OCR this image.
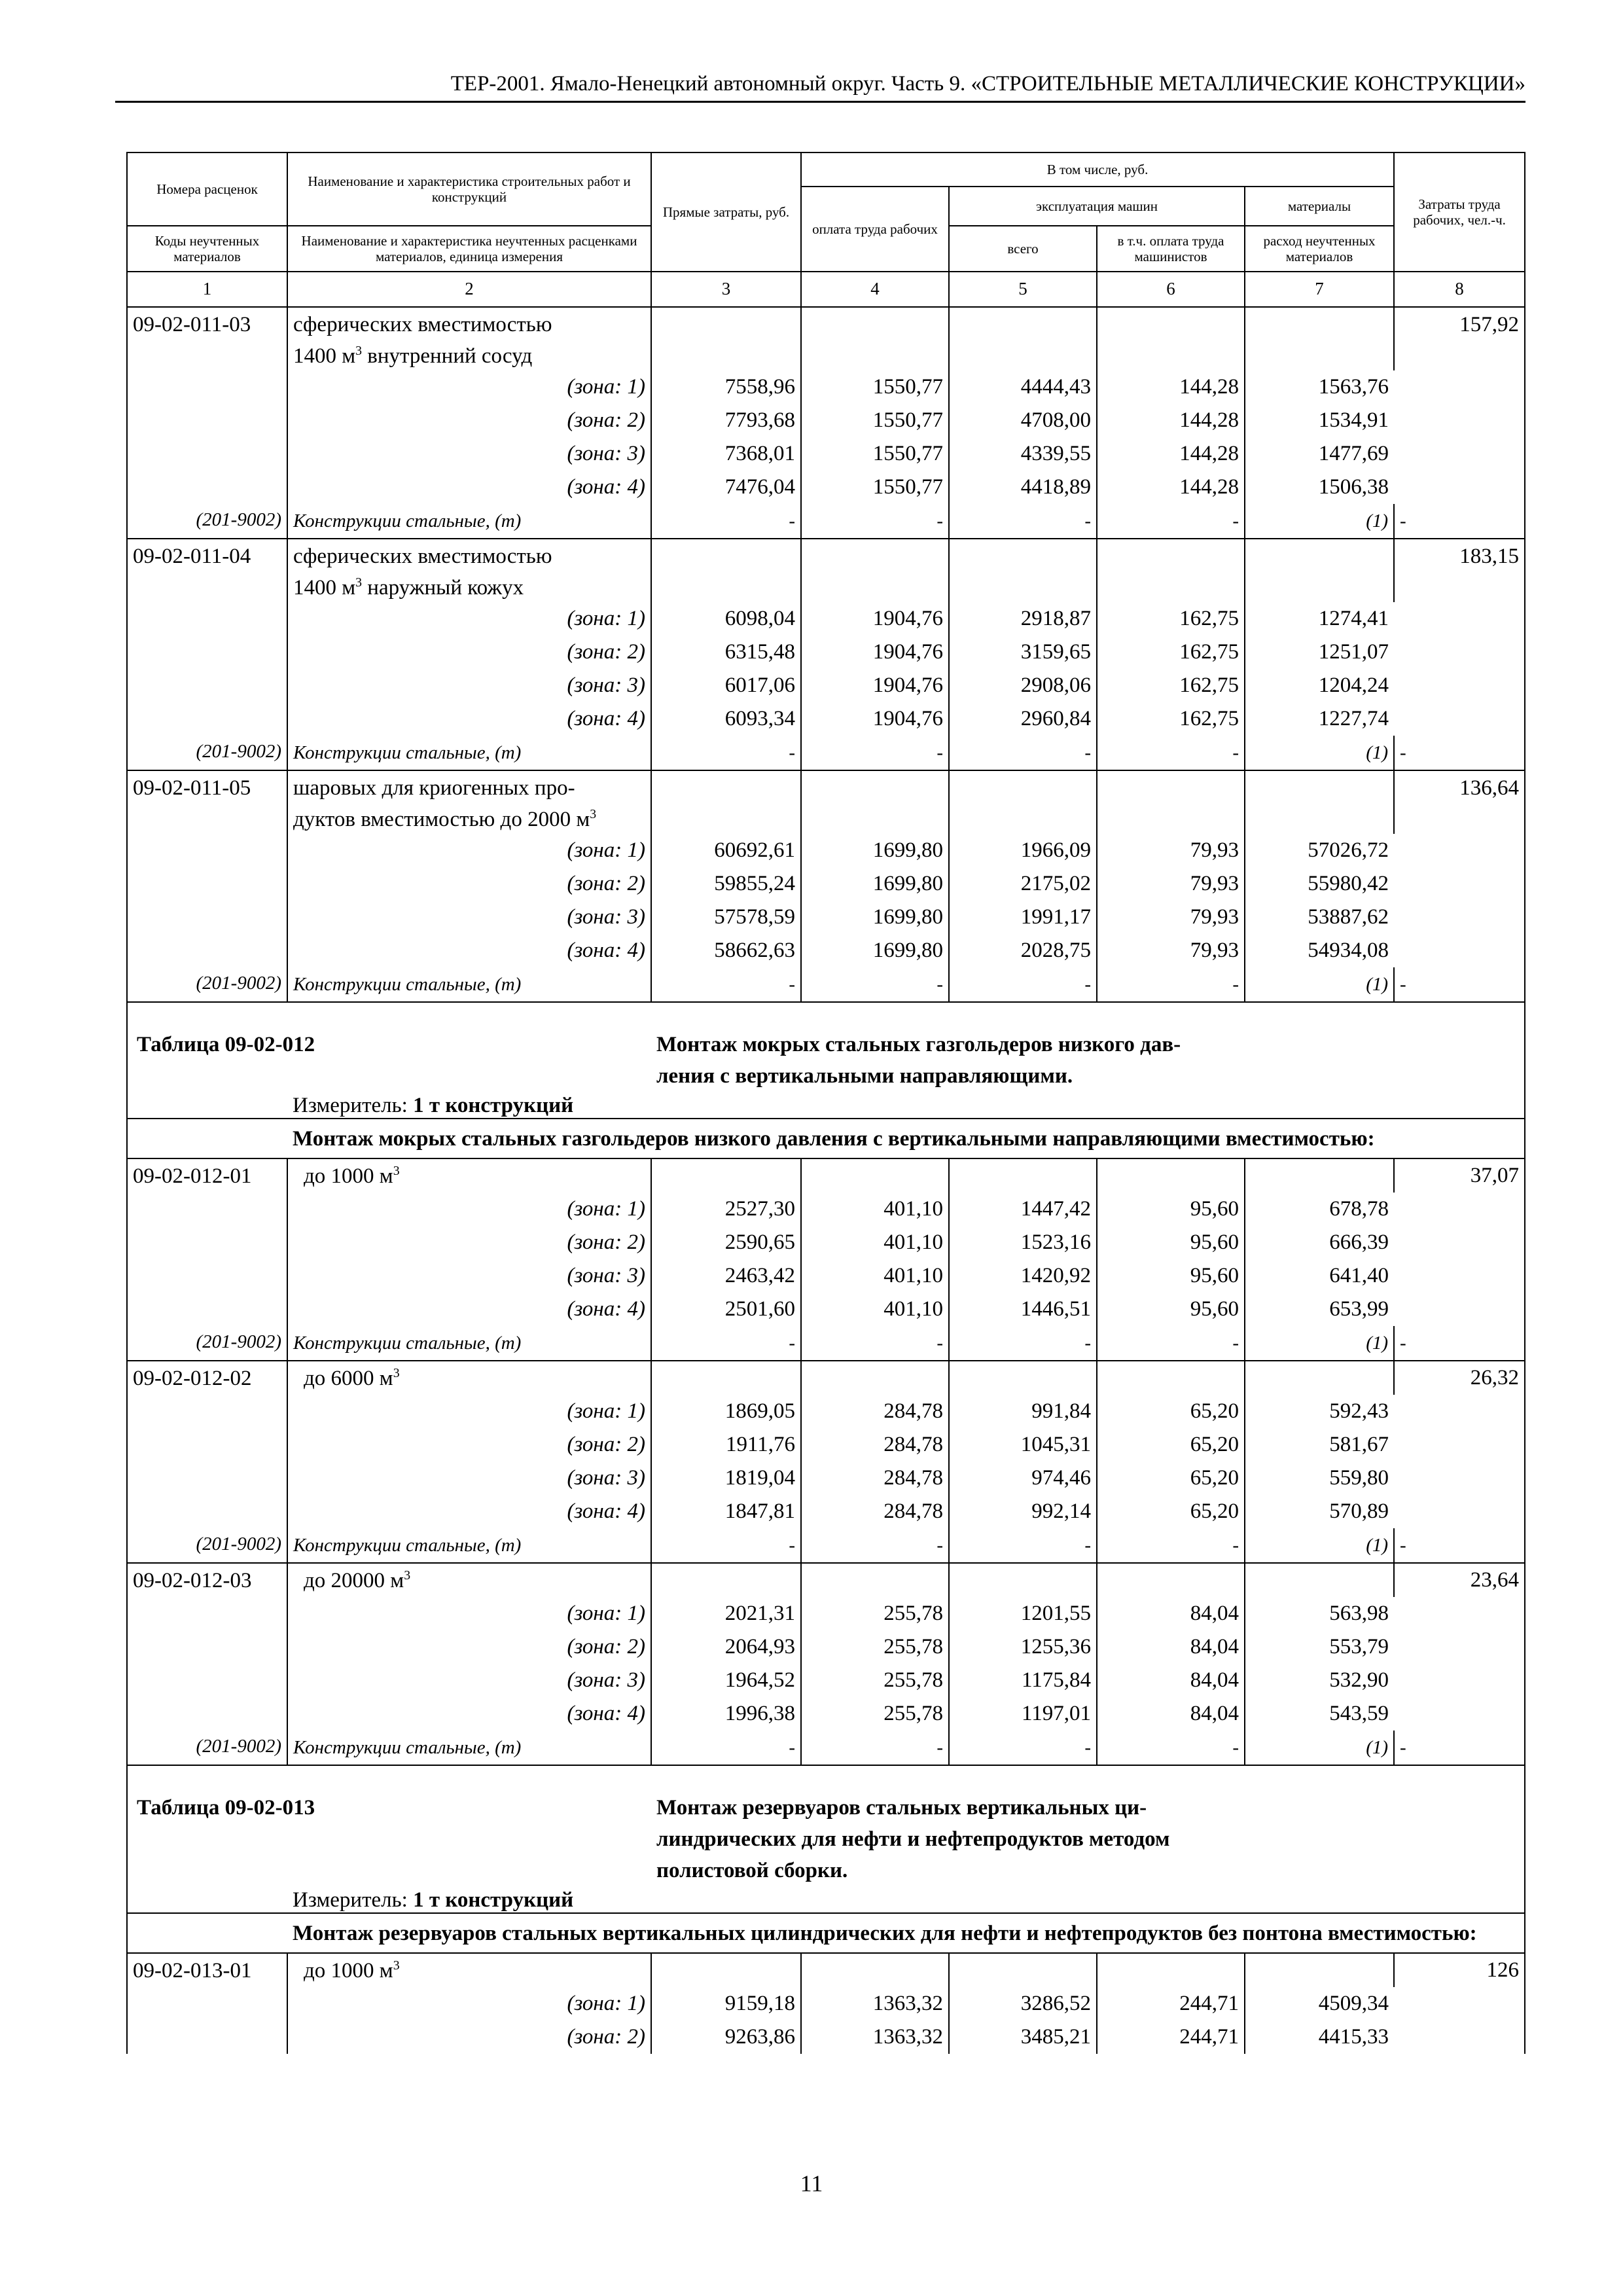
ТЕР-2001. Ямало-Ненецкий автономный округ. Часть 9. «СТРОИТЕЛЬНЫЕ МЕТАЛЛИЧЕСКИЕ КОНСТРУКЦИИ»
Номера расценок	Наименование и характеристика строительных работ и конструкций	Прямые затраты, руб.	В том числе, руб.				Затраты труда рабочих, чел.-ч.
			оплата труда рабочих	эксплуатация машин		материалы	
Коды неучтенных материалов	Наименование и характеристика неучтенных расценками материалов, единица измерения			всего	в т.ч. оплата труда машинистов	расход неучтенных материалов	
1	2	3	4	5	6	7	8
09-02-011-03	сферических вместимостью
1400 $м^3$ внутренний сосуд						157,92
	(зона: 1)	7558,96	1550,77	4444,43	144,28	1563,76	
	(зона: 2)	7793,68	1550,77	4708,00	144,28	1534,91	
	(зона: 3)	7368,01	1550,77	4339,55	144,28	1477,69	
	(зона: 4)	7476,04	1550,77	4418,89	144,28	1506,38	
(201-9002)	Конструкции стальные, (т)	-	-	-	-	(1)	-
09-02-011-04	сферических вместимостью
1400 $м^3$ наружный кожух						183,15
	(зона: 1)	6098,04	1904,76	2918,87	162,75	1274,41	
	(зона: 2)	6315,48	1904,76	3159,65	162,75	1251,07	
	(зона: 3)	6017,06	1904,76	2908,06	162,75	1204,24	
	(зона: 4)	6093,34	1904,76	2960,84	162,75	1227,74	
(201-9002)	Конструкции стальные, (т)	-	-	-	-	(1)	-
09-02-011-05	шаровых для криогенных про-
дуктов вместимостью до 2000 $м^3$						136,64
	(зона: 1)	60692,61	1699,80	1966,09	79,93	57026,72	
	(зона: 2)	59855,24	1699,80	2175,02	79,93	55980,42	
	(зона: 3)	57578,59	1699,80	1991,17	79,93	53887,62	
	(зона: 4)	58662,63	1699,80	2028,75	79,93	54934,08	
(201-9002)	Конструкции стальные, (т)	-	-	-	-	(1)	-
Таблица 09-02-012		Монтаж мокрых стальных газгольдеров низкого дав-
ления с вертикальными направляющими.					
	Измеритель: 1 т конструкций						
	Монтаж мокрых стальных газгольдеров низкого давления с вертикальными направляющими вместимостью:						
09-02-012-01	до 1000 $м^3$						37,07
	(зона: 1)	2527,30	401,10	1447,42	95,60	678,78	
	(зона: 2)	2590,65	401,10	1523,16	95,60	666,39	
	(зона: 3)	2463,42	401,10	1420,92	95,60	641,40	
	(зона: 4)	2501,60	401,10	1446,51	95,60	653,99	
(201-9002)	Конструкции стальные, (т)	-	-	-	-	(1)	-
09-02-012-02	до 6000 $м^3$						26,32
	(зона: 1)	1869,05	284,78	991,84	65,20	592,43	
	(зона: 2)	1911,76	284,78	1045,31	65,20	581,67	
	(зона: 3)	1819,04	284,78	974,46	65,20	559,80	
	(зона: 4)	1847,81	284,78	992,14	65,20	570,89	
(201-9002)	Конструкции стальные, (т)	-	-	-	-	(1)	-
09-02-012-03	до 20000 $м^3$						23,64
	(зона: 1)	2021,31	255,78	1201,55	84,04	563,98	
	(зона: 2)	2064,93	255,78	1255,36	84,04	553,79	
	(зона: 3)	1964,52	255,78	1175,84	84,04	532,90	
	(зона: 4)	1996,38	255,78	1197,01	84,04	543,59	
(201-9002)	Конструкции стальные, (т)	-	-	-	-	(1)	-
Таблица 09-02-013		Монтаж резервуаров стальных вертикальных ци-
линдрических для нефти и нефтепродуктов методом
полистовой сборки.					
	Измеритель: 1 т конструкций						
	Монтаж резервуаров стальных вертикальных цилиндрических для нефти и нефтепродуктов без понтона вместимостью:						
09-02-013-01	до 1000 $м^3$						126
	(зона: 1)	9159,18	1363,32	3286,52	244,71	4509,34	
	(зона: 2)	9263,86	1363,32	3485,21	244,71	4415,33	
11
